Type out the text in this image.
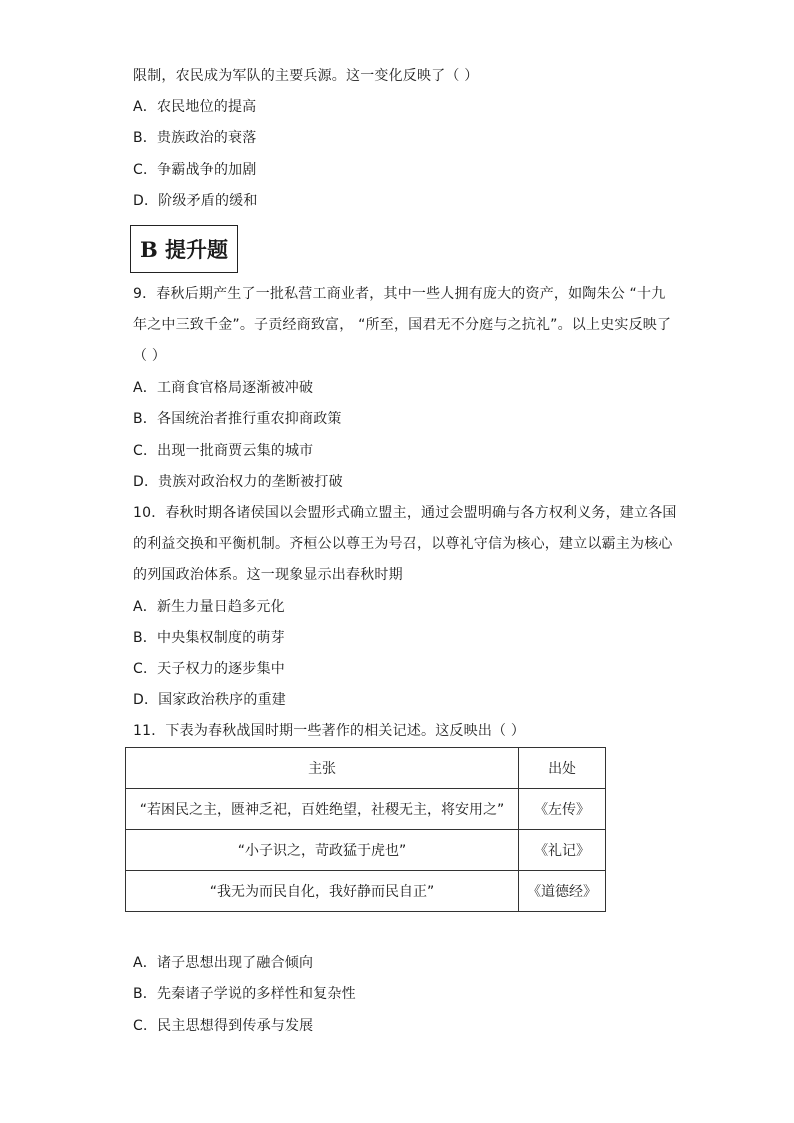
限制，农民成为军队的主要兵源。这一变化反映了（ ）
A．农民地位的提高
B．贵族政治的衰落
C．争霸战争的加剧
D．阶级矛盾的缓和
B 提升题
9．春秋后期产生了一批私营工商业者，其中一些人拥有庞大的资产，如陶朱公 “十九
年之中三致千金”。子贡经商致富， “所至，国君无不分庭与之抗礼”。以上史实反映了
（ ）
A．工商食官格局逐渐被冲破
B．各国统治者推行重农抑商政策
C．出现一批商贾云集的城市
D．贵族对政治权力的垄断被打破
10．春秋时期各诸侯国以会盟形式确立盟主，通过会盟明确与各方权利义务，建立各国
的利益交换和平衡机制。齐桓公以尊王为号召，以尊礼守信为核心，建立以霸主为核心
的列国政治体系。这一现象显示出春秋时期
A．新生力量日趋多元化
B．中央集权制度的萌芽
C．天子权力的逐步集中
D．国家政治秩序的重建
11．下表为春秋战国时期一些著作的相关记述。这反映出（ ）
主张	出处
“若困民之主，匮神乏祀，百姓绝望，社稷无主，将安用之”	《左传》
“小子识之，苛政猛于虎也”	《礼记》
“我无为而民自化，我好静而民自正”	《道德经》
A．诸子思想出现了融合倾向
B．先秦诸子学说的多样性和复杂性
C．民主思想得到传承与发展
